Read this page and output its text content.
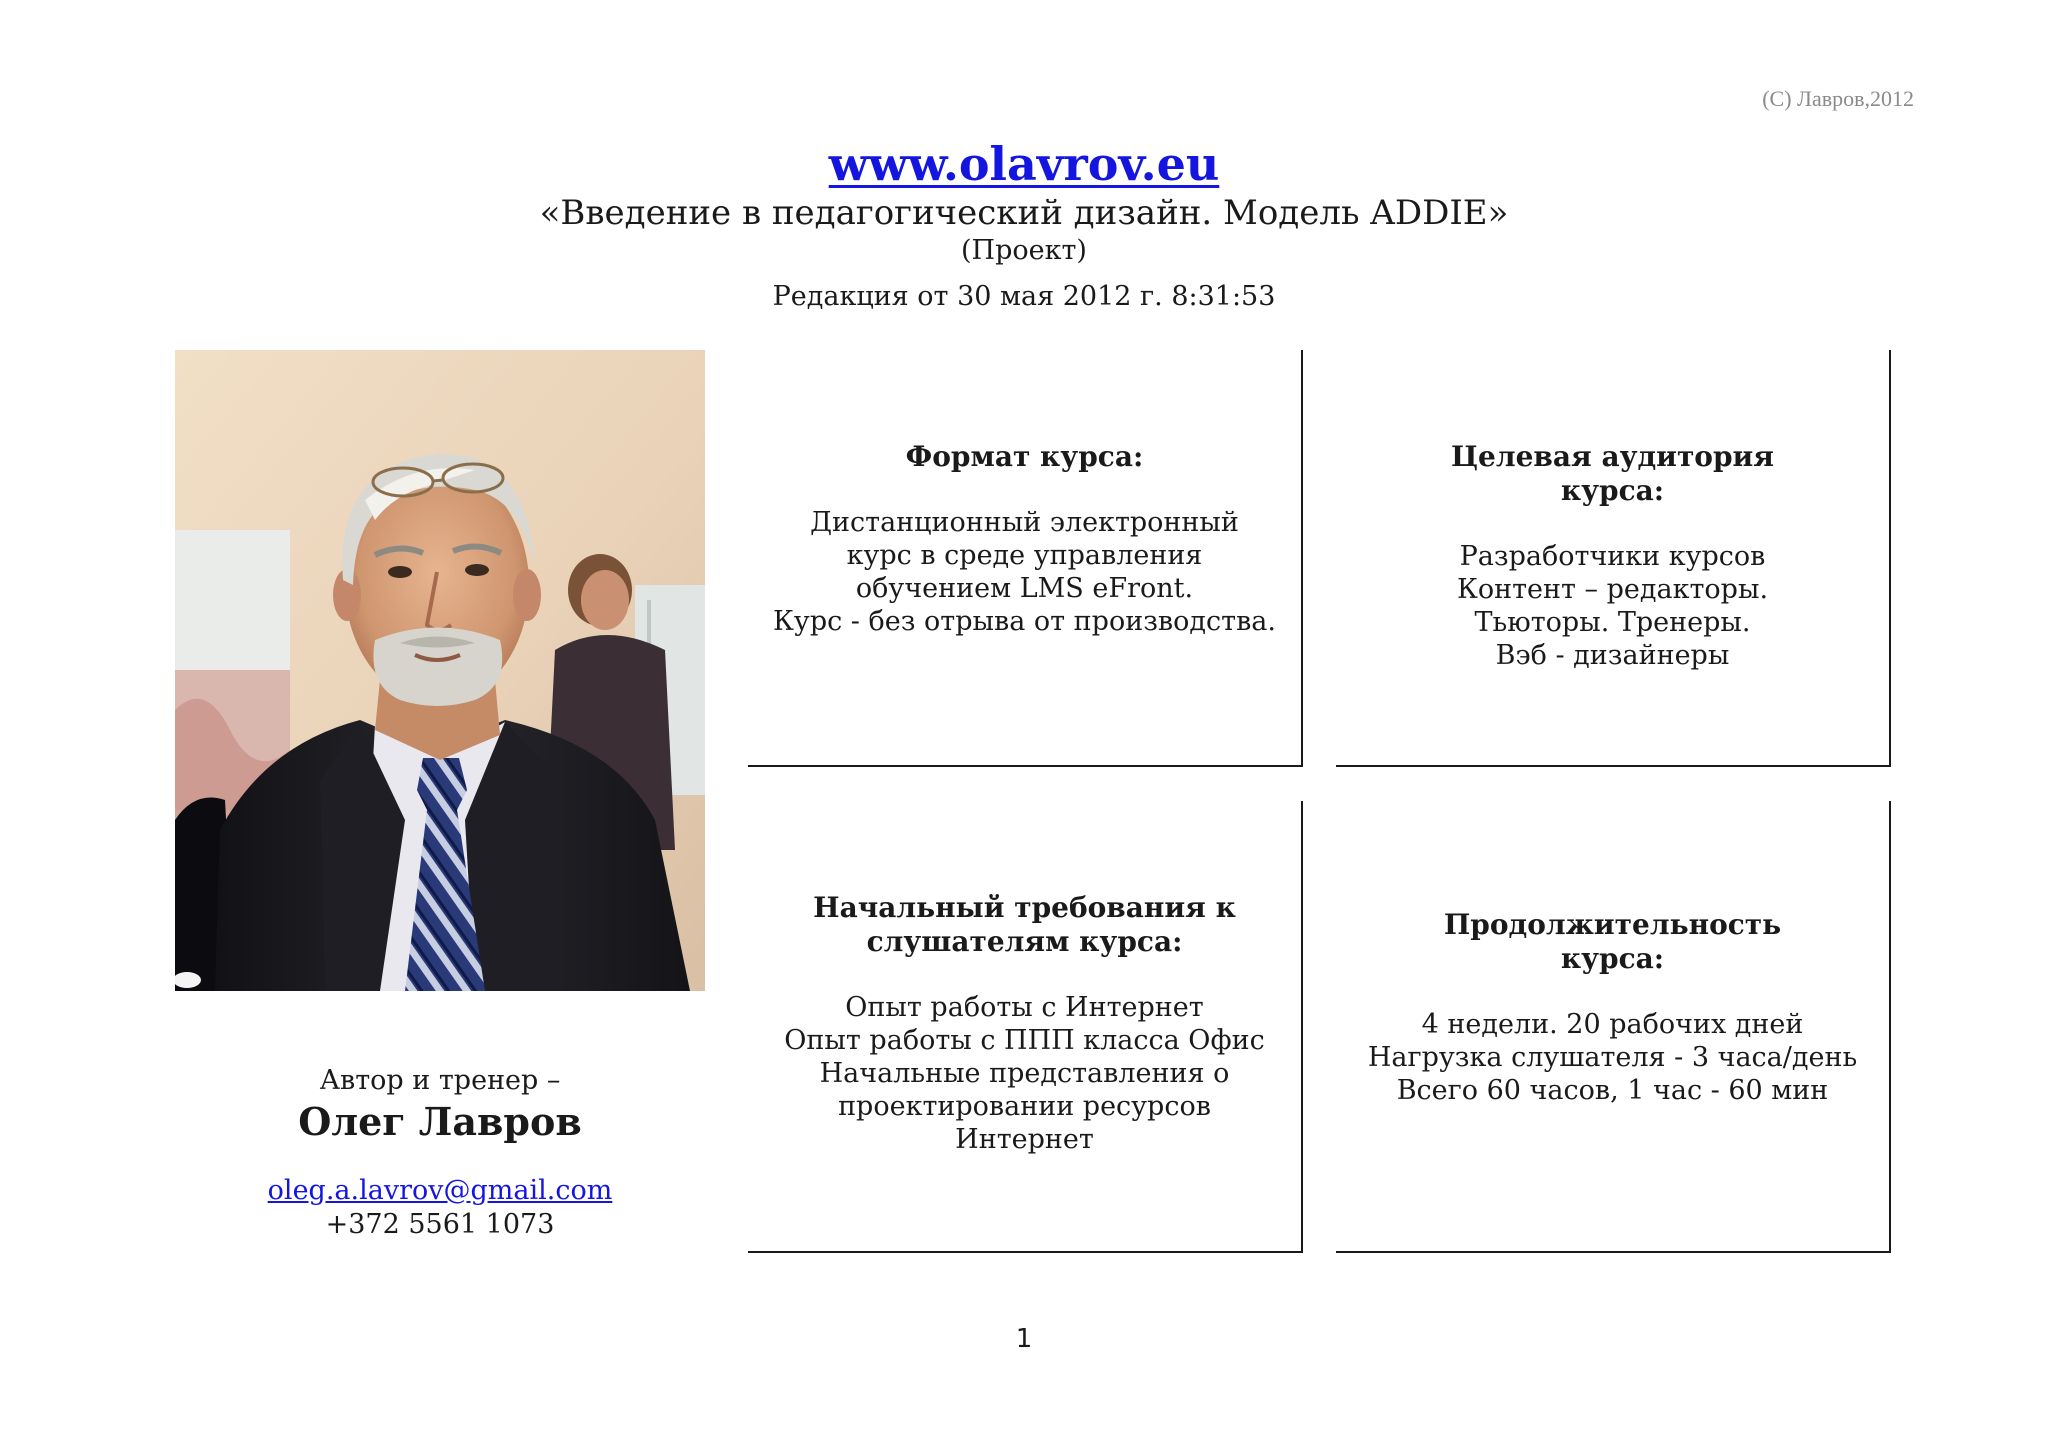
(С) Лавров,2012
www.olavrov.eu
«Введение в педагогический дизайн. Модель ADDIE»
(Проект)
Редакция от 30 мая 2012 г. 8:31:53
Автор и тренер –
Олег Лавров
oleg.a.lavrov@gmail.com
+372 5561 1073
Формат курса:
Дистанционный электронный
курс в среде управления
обучением LMS eFront.
Курс - без отрыва от производства.
Целевая аудитория
курса:
Разработчики курсов
Контент – редакторы.
Тьюторы. Тренеры.
Вэб - дизайнеры
Начальный требования к
слушателям курса:
Опыт работы с Интернет
Опыт работы с ППП класса Офис
Начальные представления о
проектировании ресурсов
Интернет
Продолжительность
курса:
4 недели. 20 рабочих дней
Нагрузка слушателя - 3 часа/день
Всего 60 часов, 1 час - 60 мин
1
